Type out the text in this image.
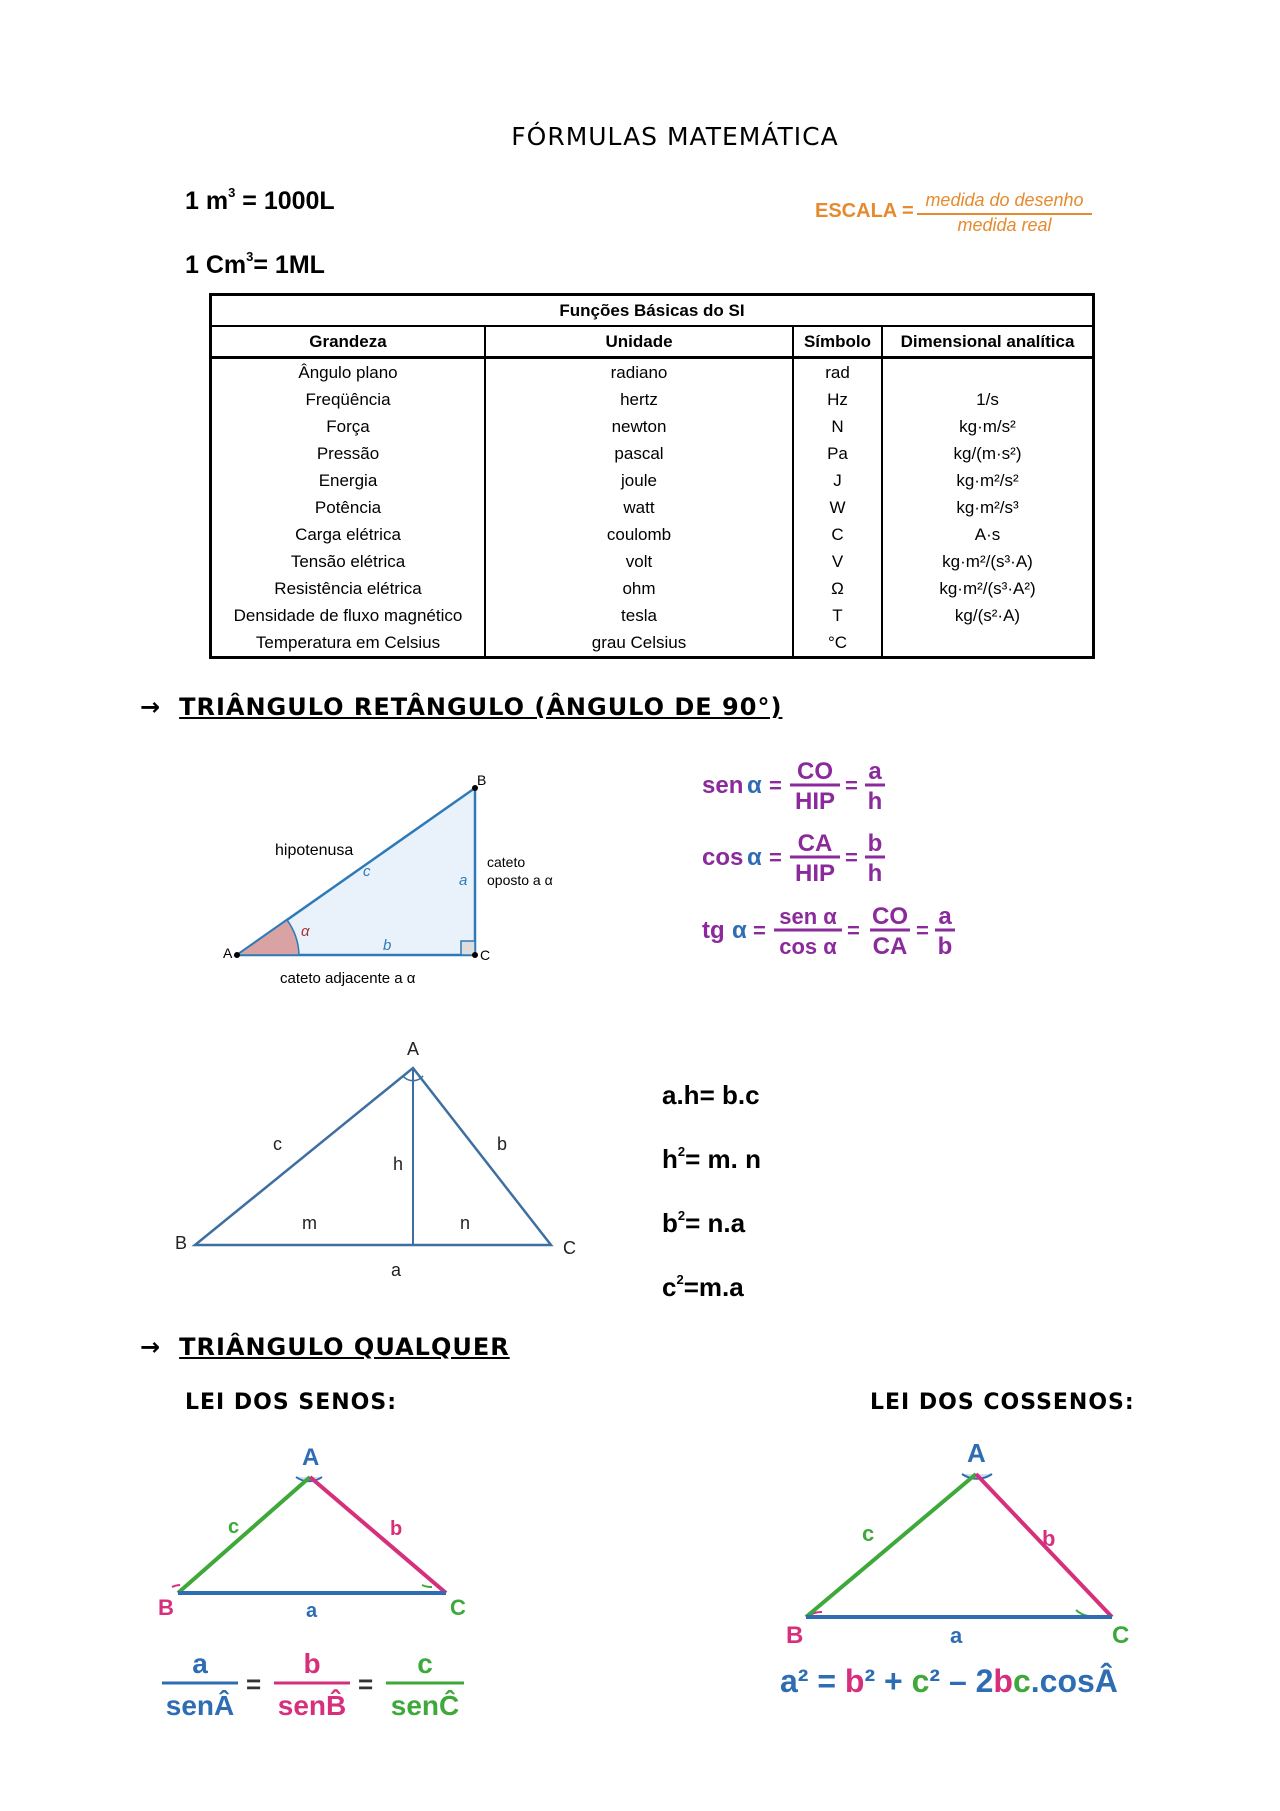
FÓRMULAS MATEMÁTICA
1 $m^3 = 1000L$
1 $Cm^3= 1ML$
ESCALA = medida do desenho
medida real
Funções Básicas do SI			
Grandeza	Unidade	Símbolo	Dimensional analítica
Ângulo plano	radiano	rad	
Freqüência	hertz	Hz	1/s
Força	newton	N	kg·m/s²
Pressão	pascal	Pa	kg/(m·s²)
Energia	joule	J	kg·m²/s²
Potência	watt	W	kg·m²/s³
Carga elétrica	coulomb	C	A·s
Tensão elétrica	volt	V	kg·m²/(s³·A)
Resistência elétrica	ohm	Ω	kg·m²/(s³·A²)
Densidade de fluxo magnético	tesla	T	kg/(s²·A)
Temperatura em Celsius	grau Celsius	°C	
→ TRIÂNGULO RETÂNGULO (ÂNGULO DE 90°)
A
B
C
hipotenusa
cateto
oposto a α
cateto adjacente a α
c
a
b
α
sen α =
CO
HIP
=
a
h
cos α =
CA
HIP
=
b
h
tg α =
sen α
cos α
=
CO
CA
=
a
b
A
B	C
c	b
h
m	n
a
a.h= b.c
$h^2= m$. n
$b^2= n.a$
$c^2=m.a$
→ TRIÂNGULO QUALQUER
LEI DOS SENOS:	LEI DOS COSSENOS:
A
B	C
c	b
a
a
senÂ
=
b
senB̂
=
c
senĈ
A
B	C
c	b
a
a² = b² + c² – 2bc.cosÂ
